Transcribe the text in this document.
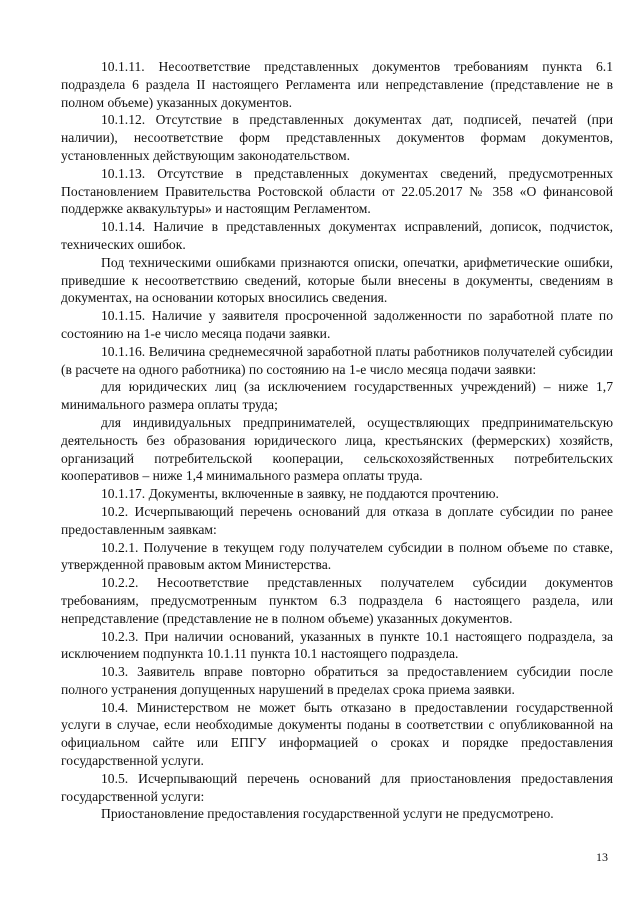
10.1.11. Несоответствие представленных документов требованиям пункта 6.1 подраздела 6 раздела II настоящего Регламента или непредставление (представление не в полном объеме) указанных документов.

10.1.12. Отсутствие в представленных документах дат, подписей, печатей (при наличии), несоответствие форм представленных документов формам документов, установленных действующим законодательством.

10.1.13. Отсутствие в представленных документах сведений, предусмотренных Постановлением Правительства Ростовской области от 22.05.2017 № 358 «О финансовой поддержке аквакультуры» и настоящим Регламентом.

10.1.14. Наличие в представленных документах исправлений, дописок, подчисток, технических ошибок.

Под техническими ошибками признаются описки, опечатки, арифметические ошибки, приведшие к несоответствию сведений, которые были внесены в документы, сведениям в документах, на основании которых вносились сведения.

10.1.15. Наличие у заявителя просроченной задолженности по заработной плате по состоянию на 1-е число месяца подачи заявки.

10.1.16. Величина среднемесячной заработной платы работников получателей субсидии (в расчете на одного работника) по состоянию на 1-е число месяца подачи заявки:

для юридических лиц (за исключением государственных учреждений) – ниже 1,7 минимального размера оплаты труда;

для индивидуальных предпринимателей, осуществляющих предпринимательскую деятельность без образования юридического лица, крестьянских (фермерских) хозяйств, организаций потребительской кооперации, сельскохозяйственных потребительских кооперативов – ниже 1,4 минимального размера оплаты труда.

10.1.17. Документы, включенные в заявку, не поддаются прочтению.

10.2. Исчерпывающий перечень оснований для отказа в доплате субсидии по ранее предоставленным заявкам:

10.2.1. Получение в текущем году получателем субсидии в полном объеме по ставке, утвержденной правовым актом Министерства.

10.2.2. Несоответствие представленных получателем субсидии документов требованиям, предусмотренным пунктом 6.3 подраздела 6 настоящего раздела, или непредставление (представление не в полном объеме) указанных документов.

10.2.3. При наличии оснований, указанных в пункте 10.1 настоящего подраздела, за исключением подпункта 10.1.11 пункта 10.1 настоящего подраздела.

10.3. Заявитель вправе повторно обратиться за предоставлением субсидии после полного устранения допущенных нарушений в пределах срока приема заявки.

10.4. Министерством не может быть отказано в предоставлении государственной услуги в случае, если необходимые документы поданы в соответствии с опубликованной на официальном сайте или ЕПГУ информацией о сроках и порядке предоставления государственной услуги.

10.5. Исчерпывающий перечень оснований для приостановления предоставления государственной услуги:

Приостановление предоставления государственной услуги не предусмотрено.

13
